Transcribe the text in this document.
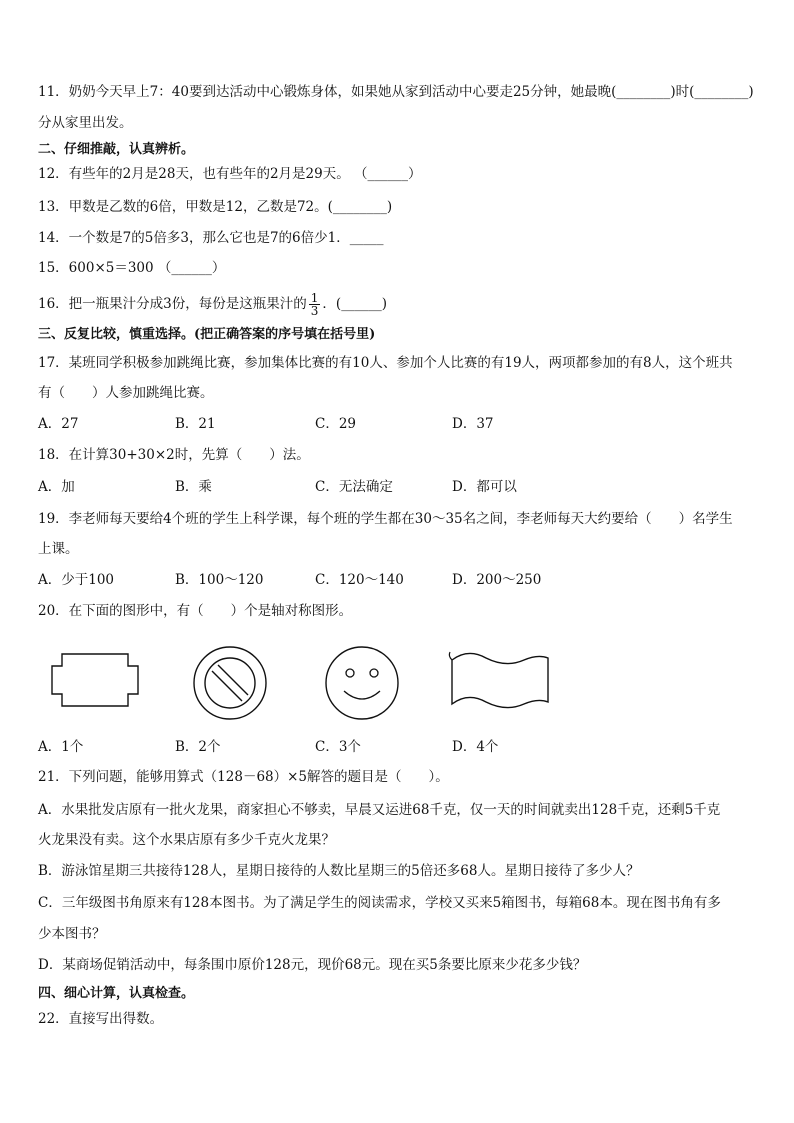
11．奶奶今天早上7：40要到达活动中心锻炼身体，如果她从家到活动中心要走25分钟，她最晚(________)时(________)
分从家里出发。
二、仔细推敲，认真辨析。
12．有些年的2月是28天，也有些年的2月是29天。 （______）
13．甲数是乙数的6倍，甲数是12，乙数是72。(________)
14．一个数是7的5倍多3，那么它也是7的6倍少1．_____
15．600×5＝300 （______）
16．把一瓶果汁分成3份，每份是这瓶果汁的 $\frac{1}{3}$ ．(______)
三、反复比较，慎重选择。(把正确答案的序号填在括号里)
17．某班同学积极参加跳绳比赛，参加集体比赛的有10人、参加个人比赛的有19人，两项都参加的有8人，这个班共
有（　　）人参加跳绳比赛。
A．27	B．21	C．29	D．37
18．在计算30+30×2时，先算（　　）法。
A．加	B．乘	C．无法确定	D．都可以
19．李老师每天要给4个班的学生上科学课，每个班的学生都在30～35名之间，李老师每天大约要给（　　）名学生
上课。
A．少于100	B．100～120	C．120～140	D．200～250
20．在下面的图形中，有（　　）个是轴对称图形。
A．1个	B．2个	C．3个	D．4个
21．下列问题，能够用算式（128－68）×5解答的题目是（　　）。
A．水果批发店原有一批火龙果，商家担心不够卖，早晨又运进68千克，仅一天的时间就卖出128千克，还剩5千克
火龙果没有卖。这个水果店原有多少千克火龙果？
B．游泳馆星期三共接待128人，星期日接待的人数比星期三的5倍还多68人。星期日接待了多少人？
C．三年级图书角原来有128本图书。为了满足学生的阅读需求，学校又买来5箱图书，每箱68本。现在图书角有多
少本图书？
D．某商场促销活动中，每条围巾原价128元，现价68元。现在买5条要比原来少花多少钱？
四、细心计算，认真检查。
22．直接写出得数。
